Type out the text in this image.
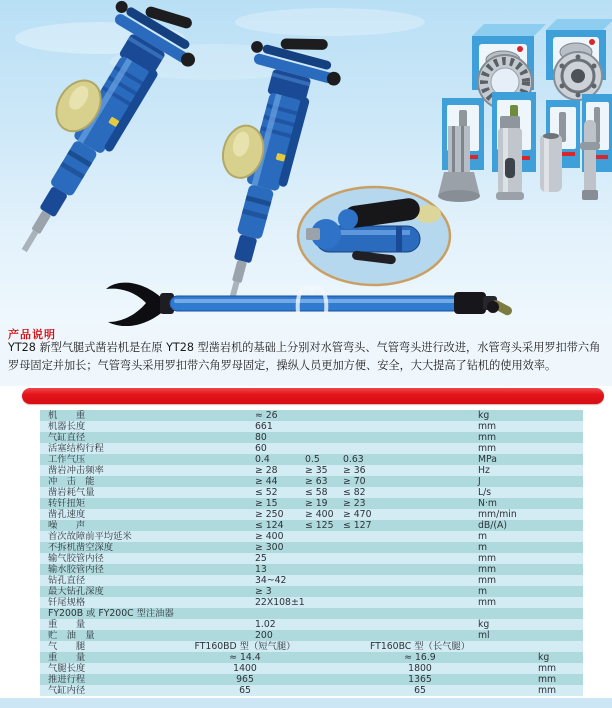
产品说明

YT28 新型气腿式凿岩机是在原 YT28 型凿岩机的基础上分别对水管弯头、气管弯头进行改进，水管弯头采用罗扣带六角罗母固定并加长；气管弯头采用罗扣带六角罗母固定，操纵人员更加方便、安全，大大提高了钻机的使用效率。

机　　重	≈ 26	kg
机器长度	661	mm
气缸直径	80	mm
活塞结构行程	60	mm
工作气压	0.4	0.5 0.63	MPa
凿岩冲击频率	≥ 28	≥ 35 ≥ 36	Hz
冲　击　能	≥ 44	≥ 63 ≥ 70	J
凿岩耗气量	≤ 52	≤ 58 ≤ 82	L/s
转钎扭矩	≥ 15	≥ 19 ≥ 23	N·m
凿孔速度	≥ 250 ≥ 400 ≥ 470	mm/min
噪　　声	≤ 124 ≤ 125 ≤ 127	dB/(A)
首次故障前平均延米	≥ 400	m
不拆机凿空深度	≥ 300	m
输气胶管内径	25	mm
输水胶管内径	13	mm
钻孔直径	34~42	mm
最大钻孔深度	≥ 3	m
钎尾规格	22X108±1	mm
FY200B 或 FY200C 型注油器
重　　量	1.02	kg
贮　油　量	200	ml
气　　腿	FT160BD 型（短气腿）	FT160BC 型（长气腿）
重　　量	≈ 14.4	≈ 16.9	kg
气腿长度	1400	1800	mm
推进行程	965	1365	mm
气缸内径	65	65	mm
